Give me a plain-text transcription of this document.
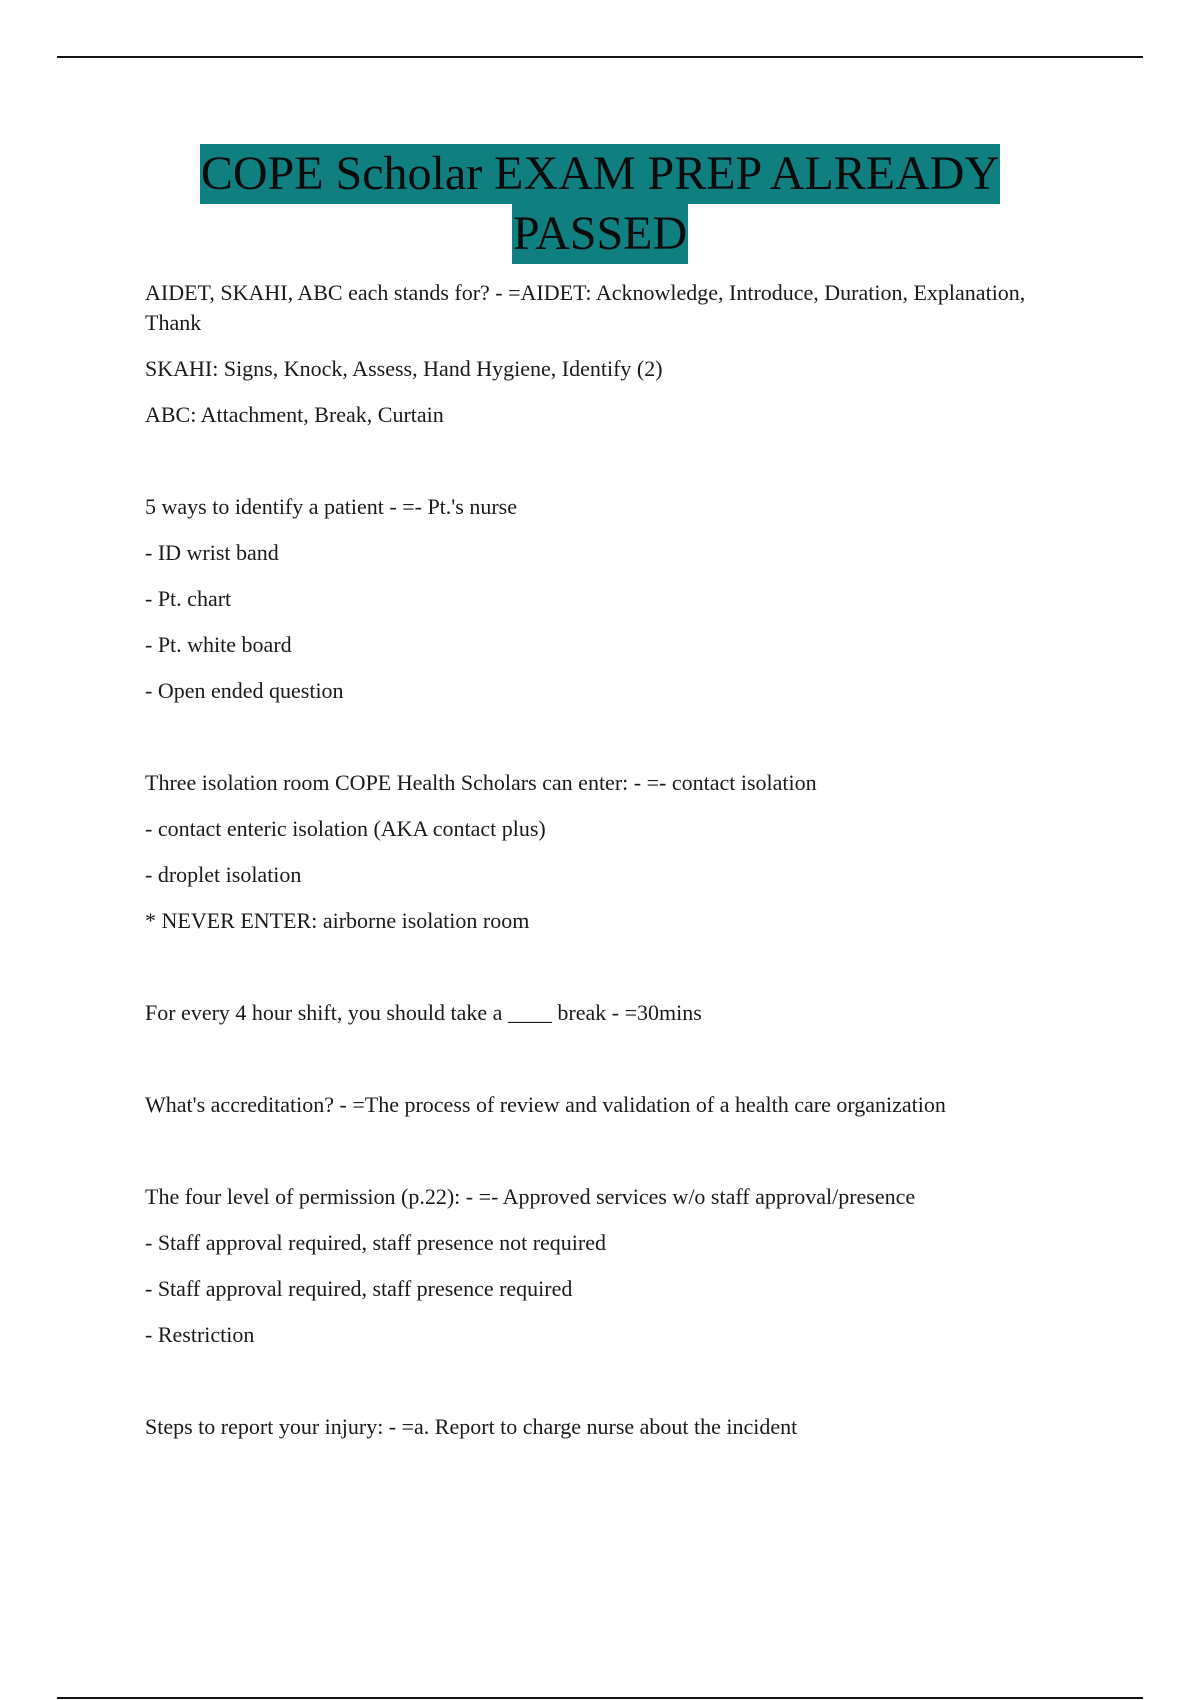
COPE Scholar EXAM PREP ALREADY
PASSED

AIDET, SKAHI, ABC each stands for? - =AIDET: Acknowledge, Introduce, Duration, Explanation, Thank

SKAHI: Signs, Knock, Assess, Hand Hygiene, Identify (2)

ABC: Attachment, Break, Curtain

5 ways to identify a patient - =- Pt.'s nurse

- ID wrist band

- Pt. chart

- Pt. white board

- Open ended question

Three isolation room COPE Health Scholars can enter: - =- contact isolation

- contact enteric isolation (AKA contact plus)

- droplet isolation

* NEVER ENTER: airborne isolation room

For every 4 hour shift, you should take a ____ break - =30mins

What's accreditation? - =The process of review and validation of a health care organization

The four level of permission (p.22): - =- Approved services w/o staff approval/presence

- Staff approval required, staff presence not required

- Staff approval required, staff presence required

- Restriction

Steps to report your injury: - =a. Report to charge nurse about the incident
